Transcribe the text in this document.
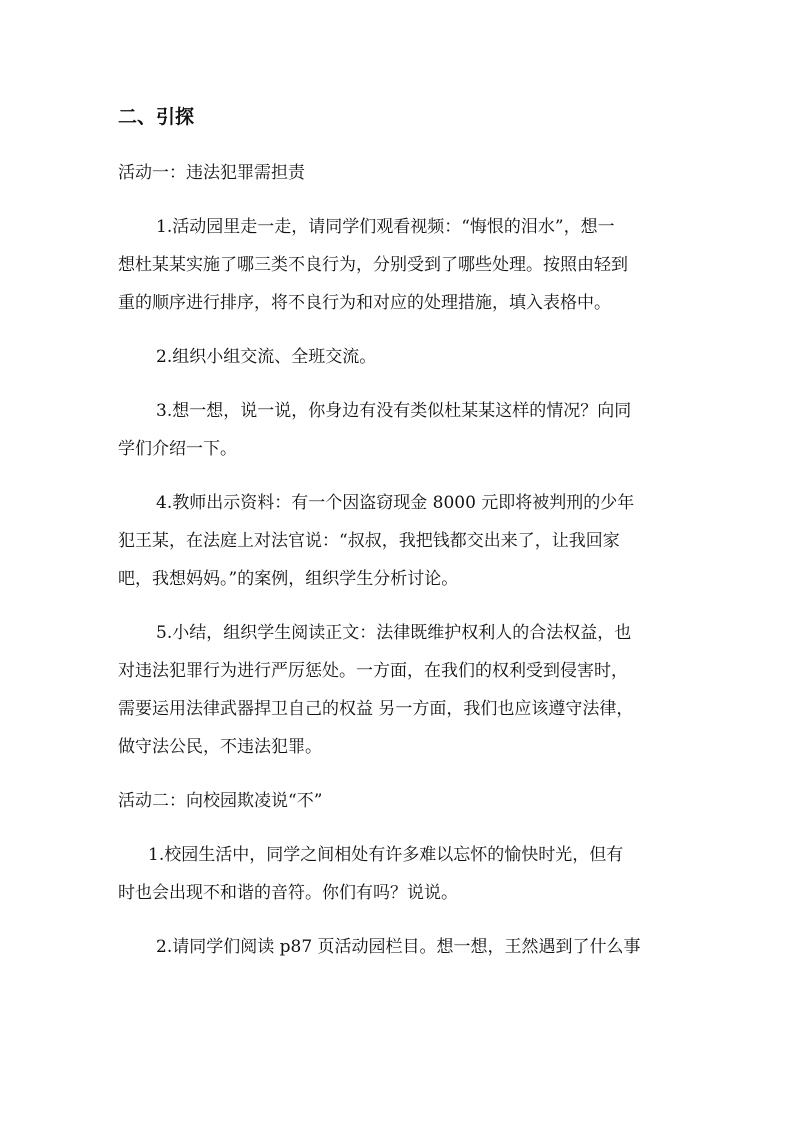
二、引探
活动一：违法犯罪需担责
1.活动园里走一走，请同学们观看视频：“悔恨的泪水”，想一
想杜某某实施了哪三类不良行为，分别受到了哪些处理。按照由轻到
重的顺序进行排序，将不良行为和对应的处理措施，填入表格中。
2.组织小组交流、全班交流。
3.想一想，说一说，你身边有没有类似杜某某这样的情况？向同
学们介绍一下。
4.教师出示资料：有一个因盗窃现金 8000 元即将被判刑的少年
犯王某，在法庭上对法官说：“叔叔，我把钱都交出来了，让我回家
吧，我想妈妈。”的案例，组织学生分析讨论。
5.小结，组织学生阅读正文：法律既维护权利人的合法权益，也
对违法犯罪行为进行严厉惩处。一方面，在我们的权利受到侵害时，
需要运用法律武器捍卫自己的权益 另一方面，我们也应该遵守法律，
做守法公民，不违法犯罪。
活动二：向校园欺凌说“不”
1.校园生活中，同学之间相处有许多难以忘怀的愉快时光，但有
时也会出现不和谐的音符。你们有吗？说说。
2.请同学们阅读 p87 页活动园栏目。想一想，王然遇到了什么事
